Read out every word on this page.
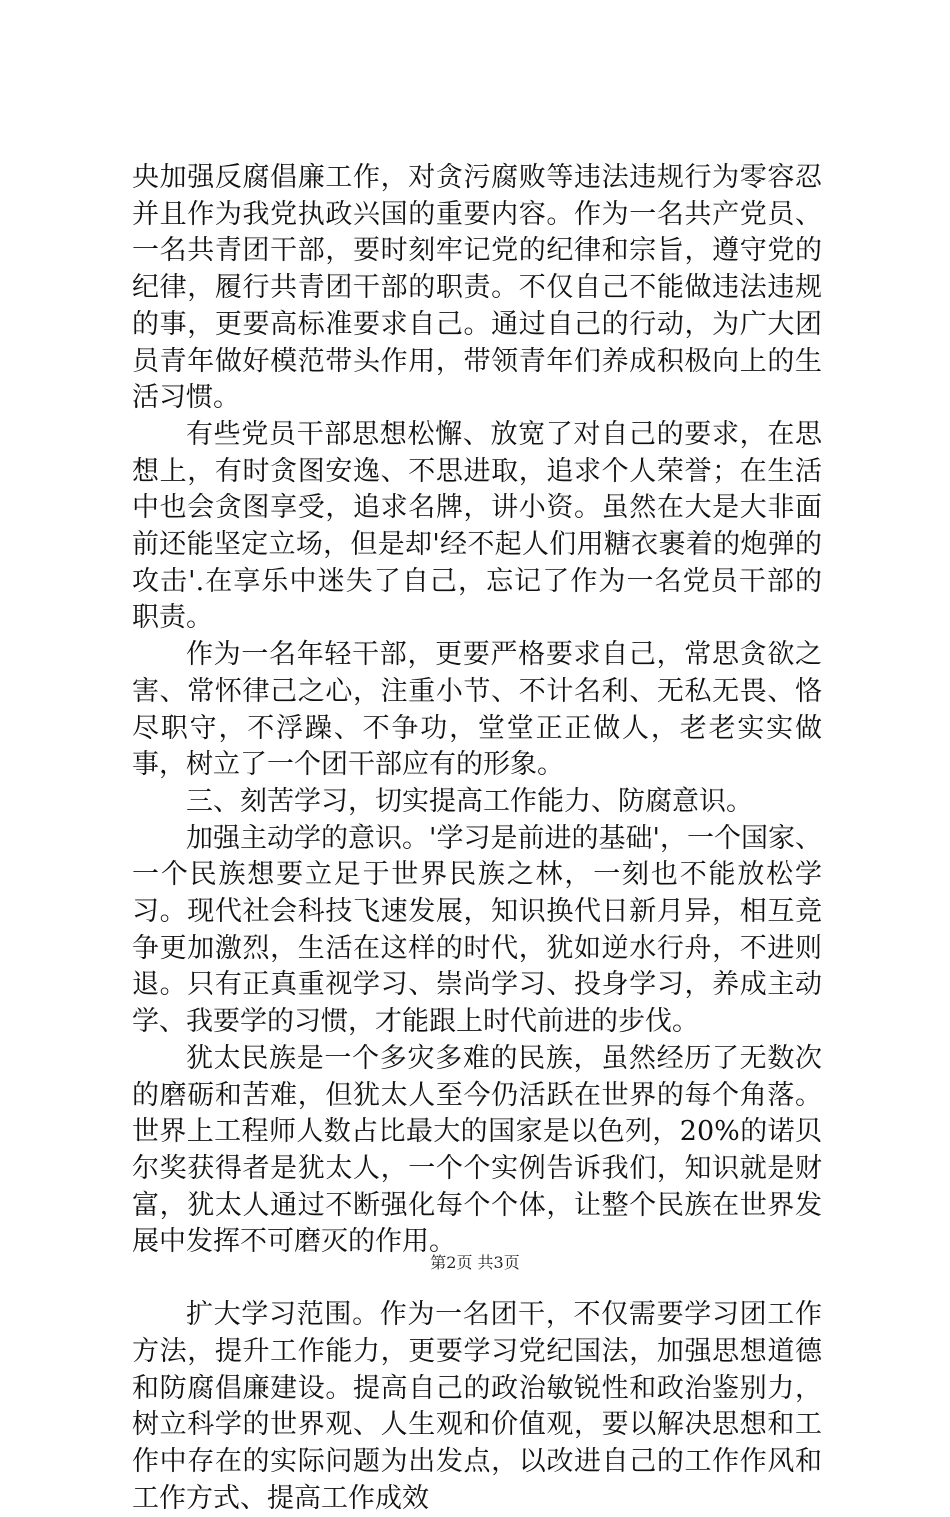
央加强反腐倡廉工作，对贪污腐败等违法违规行为零容忍并且作为我党执政兴国的重要内容。作为一名共产党员、一名共青团干部，要时刻牢记党的纪律和宗旨，遵守党的纪律，履行共青团干部的职责。不仅自己不能做违法违规的事，更要高标准要求自己。通过自己的行动，为广大团员青年做好模范带头作用，带领青年们养成积极向上的生活习惯。

有些党员干部思想松懈、放宽了对自己的要求，在思想上，有时贪图安逸、不思进取，追求个人荣誉；在生活中也会贪图享受，追求名牌，讲小资。虽然在大是大非面前还能坚定立场，但是却'经不起人们用糖衣裹着的炮弹的攻击'.在享乐中迷失了自己，忘记了作为一名党员干部的职责。

作为一名年轻干部，更要严格要求自己，常思贪欲之害、常怀律己之心，注重小节、不计名利、无私无畏、恪尽职守，不浮躁、不争功，堂堂正正做人，老老实实做事，树立了一个团干部应有的形象。

三、刻苦学习，切实提高工作能力、防腐意识。

加强主动学的意识。'学习是前进的基础'，一个国家、一个民族想要立足于世界民族之林，一刻也不能放松学习。现代社会科技飞速发展，知识换代日新月异，相互竞争更加激烈，生活在这样的时代，犹如逆水行舟，不进则退。只有正真重视学习、崇尚学习、投身学习，养成主动学、我要学的习惯，才能跟上时代前进的步伐。

犹太民族是一个多灾多难的民族，虽然经历了无数次的磨砺和苦难，但犹太人至今仍活跃在世界的每个角落。世界上工程师人数占比最大的国家是以色列，20%的诺贝尔奖获得者是犹太人，一个个实例告诉我们，知识就是财富，犹太人通过不断强化每个个体，让整个民族在世界发展中发挥不可磨灭的作用。

扩大学习范围。作为一名团干，不仅需要学习团工作方法，提升工作能力，更要学习党纪国法，加强思想道德和防腐倡廉建设。提高自己的政治敏锐性和政治鉴别力，树立科学的世界观、人生观和价值观，要以解决思想和工作中存在的实际问题为出发点，以改进自己的工作作风和工作方式、提高工作成效

第2页 共3页
